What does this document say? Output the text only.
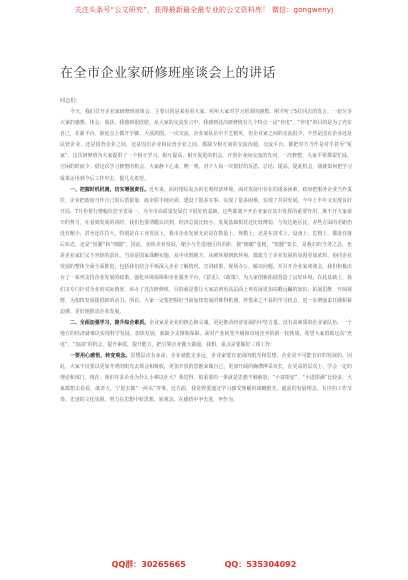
关注头条号“公文研究”，获得最新最全最专业的公文资料库！ 微信：gongwenyj
在全市企业家研修班座谈会上的讲话

同志们：

今天，我们召开企业家研修班座谈会，主要目的是来看看大家，听听大家对学习培训的感想。刚才听了5位同志的发言，一起分享大家的感想、体会、收获，我感到很欣慰。从大家的交流发言中，我感到这次研修班有几个特点一是“充电”，“充电”的目的是为了充实自己，在新平台、新起点上做开手脚，大展鸿图。一次交流，企业家队伍中不乏精英，但企业家之间的交流很少，不管是国有企业还是民营企业，还是国营企业之间，还是国有企业和民营企业之间，都缺少相互间的交流沟通。交流平台，都把对方当作是对手甚至“冤家”。这次研修班为大家提供了一个相互学习、相互提高、相互促进的机会。开创企业间交流的先河，一次修整，大家平常都很忙碌，空闲的时间少。借这次学习修整的机会，大家静下心来，唯一观，对个人每一次很好的反思、总结、提高。提此机会，我就如何把学习成果运用到今后工作中去，提几点希望。

一、把握时机机遇，切实增强责任。近年来，面对错综复杂的宏观经济环境，面对发展中存在的诸多困难，政府把服务企业当作责任，企业把政府当作自己的后盾依靠，政企联手地应面，建设了很多实事，实现了很多困难，实现了共同发展。今年上半年又实现良好开局，7月份排行增幅位居全省第一。为全市高质量发展打下很好的基础，这些都离不开企业家在其中发挥的重要作用，离不开大家艰辛的努力，在看到发展的同时，我们也要清醒认识到，经济总量比较小、发展基础相对还比较薄弱，与发达地区比，差些方面的差距仍没有缩小，甚至还在拉大，特别是在工业发展上，我市企业发展无论是在数量上、规模上，还是在技术上，设备上、思想上，都处在落后状态，还是“短腿”和“细腿”，因此，加快企业发展，缩小与先进地区的差距，使“细腿”变粗，“短腿”变长，是我们的当务之急，也是企业家们义不容辞的责任。当前是国家战略实施，从中央到地方，从硬环境到软环境，都致力于企业发展的氛围更加浓厚，协同企业发展的整体全面全面推进，包括我们结合平频深入企业了解情况，宣讲政策，现场办公、解决问题。并召开企业家座谈会，我们积极出台了一系列支持企业发展的政策，强化环境保障和企业服务平台，《意见》、《政策》，为大家创新拓展营造了良好环境。在此基础上，我们又专门针对企业的实际情况，举办了这次研修班，目的就是要让大家站到更高层面上再发展更加高瞻远瞩的知识，拓展思维，开阔视野，为加快发展提供新的动力。所以，大家一定要把握好当前加快发展的难得机遇，珍惜来之不易的学习机会，进一步增强责任感和紧迫感，更好地推动企业发展。

二、全面加强学习，提升综合素质。企业家是企业的核心和灵魂，更是推动经济发展的中坚力量。没有高素质的企业家队伍，一个地方的经济就难以实现科学发展、加快发展，就缺少支撑和保障。面对产业转型升级和市场竞争的新一轮挑战，希望大家借助这次“充电”、“加油”的机会，提升素质，提升能力，把引领企业做大做强。我想，重点是要做好三项工作：

一要用心感悟，转变观念。思想层次有多高，企业就能走多远，企业家要有宽阔的眼光和思想，企业是不可能有好的发展的。因此，大家不仅要以更加开明的眼光去领会和吸收，更加开放的思维来做自己，更加开阔的胸襟博采众长，在更高的层次上，学会一定的理论和部门，现在，我们许多企业为什么小难以壮大？我觉得，很重要的一条就是思想不够解放，“小富即安”，“小进即满”比较多，大家都想去看看，敢者大，宁愿去做“一两头”等事。这方面，我觉得要通过学习感受理解的战略眼光，超前的发展理念，有序的工作节奏，先进的文化氛围，努力在思想中转思想，转观念，在感悟中争先进、争作为。

QQ群：30265665	QQ：535304092
